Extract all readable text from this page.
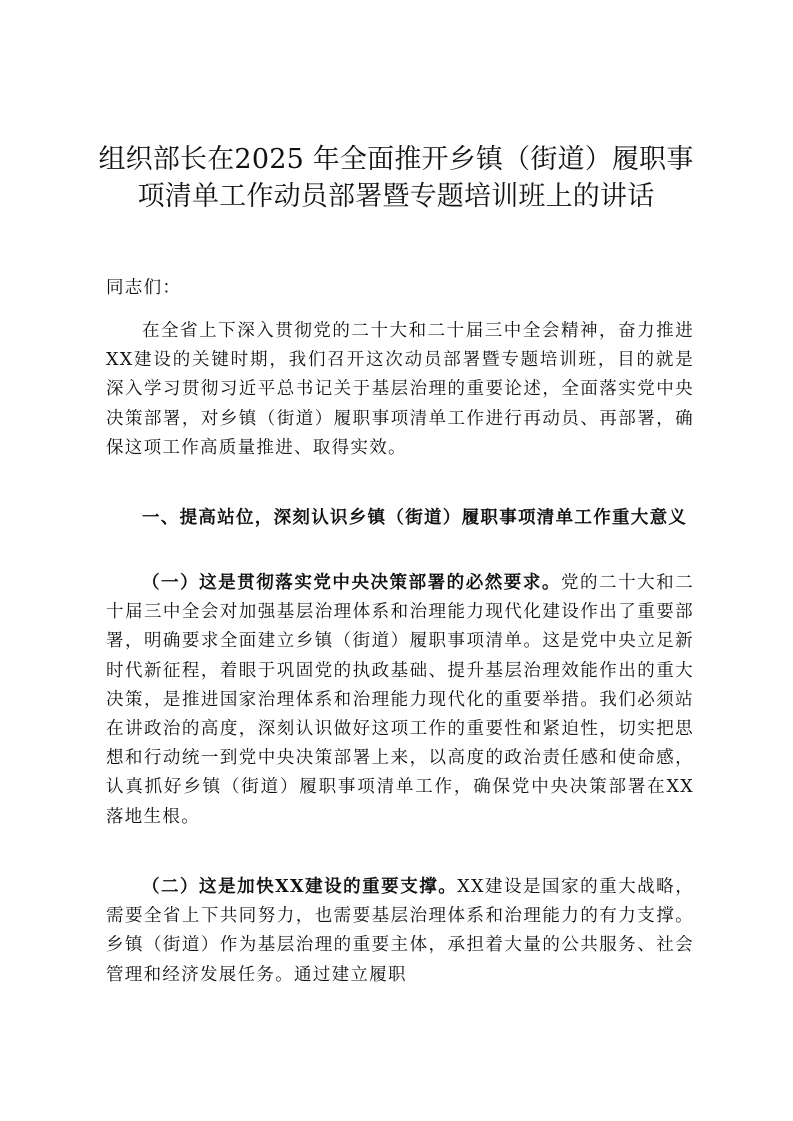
组织部长在2025 年全面推开乡镇（街道）履职事项清单工作动员部署暨专题培训班上的讲话

同志们：

在全省上下深入贯彻党的二十大和二十届三中全会精神，奋力推进XX建设的关键时期，我们召开这次动员部署暨专题培训班，目的就是深入学习贯彻习近平总书记关于基层治理的重要论述，全面落实党中央决策部署，对乡镇（街道）履职事项清单工作进行再动员、再部署，确保这项工作高质量推进、取得实效。

一、提高站位，深刻认识乡镇（街道）履职事项清单工作重大意义

（一）这是贯彻落实党中央决策部署的必然要求。党的二十大和二十届三中全会对加强基层治理体系和治理能力现代化建设作出了重要部署，明确要求全面建立乡镇（街道）履职事项清单。这是党中央立足新时代新征程，着眼于巩固党的执政基础、提升基层治理效能作出的重大决策，是推进国家治理体系和治理能力现代化的重要举措。我们必须站在讲政治的高度，深刻认识做好这项工作的重要性和紧迫性，切实把思想和行动统一到党中央决策部署上来，以高度的政治责任感和使命感，认真抓好乡镇（街道）履职事项清单工作，确保党中央决策部署在XX落地生根。

（二）这是加快XX建设的重要支撑。XX建设是国家的重大战略，需要全省上下共同努力，也需要基层治理体系和治理能力的有力支撑。乡镇（街道）作为基层治理的重要主体，承担着大量的公共服务、社会管理和经济发展任务。通过建立履职
